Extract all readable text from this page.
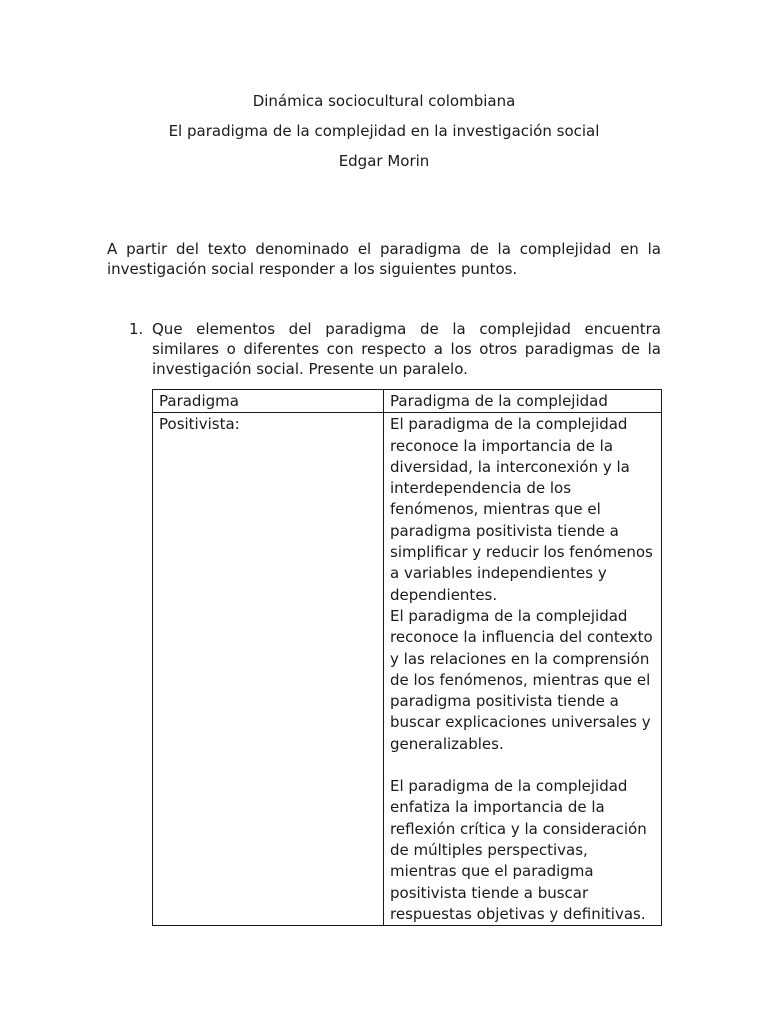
Dinámica sociocultural colombiana
El paradigma de la complejidad en la investigación social
Edgar Morin
A partir del texto denominado el paradigma de la complejidad en la investigación social responder a los siguientes puntos.
1. Que elementos del paradigma de la complejidad encuentra similares o diferentes con respecto a los otros paradigmas de la investigación social. Presente un paralelo.
Paradigma	Paradigma de la complejidad
Positivista:	El paradigma de la complejidad reconoce la importancia de la diversidad, la interconexión y la interdependencia de los fenómenos, mientras que el paradigma positivista tiende a simplificar y reducir los fenómenos a variables independientes y dependientes.
El paradigma de la complejidad reconoce la influencia del contexto y las relaciones en la comprensión de los fenómenos, mientras que el paradigma positivista tiende a buscar explicaciones universales y generalizables.
El paradigma de la complejidad enfatiza la importancia de la reflexión crítica y la consideración de múltiples perspectivas, mientras que el paradigma positivista tiende a buscar respuestas objetivas y definitivas.
